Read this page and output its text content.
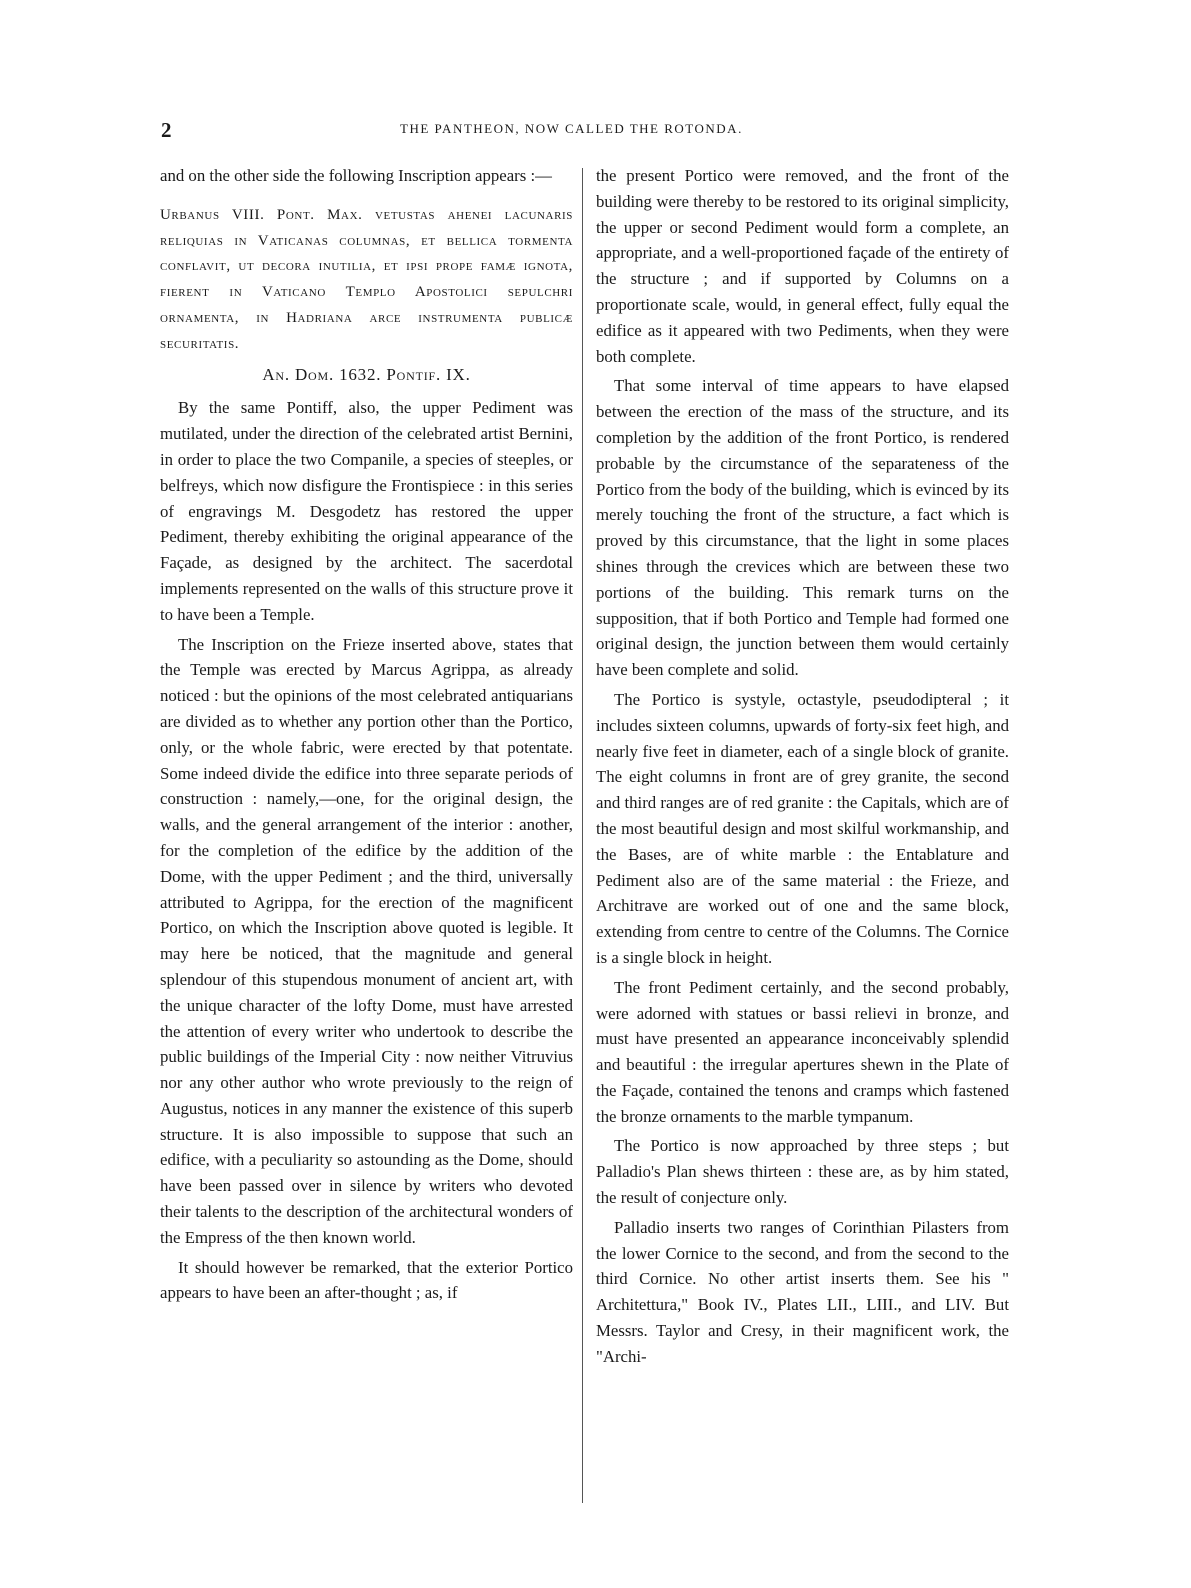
2	THE PANTHEON, NOW CALLED THE ROTONDA.

and on the other side the following Inscription appears :—

Urbanus VIII. Pont. Max. vetustas ahenei lacunaris reliquias in Vaticanas columnas, et bellica tormenta conflavit, ut decora inutilia, et ipsi prope famæ ignota, fierent in Vaticano Templo Apostolici sepulchri ornamenta, in Hadriana arce instrumenta publicæ securitatis.
An. Dom. 1632. Pontif. IX.

By the same Pontiff, also, the upper Pediment was mutilated, under the direction of the celebrated artist Bernini, in order to place the two Companile, a species of steeples, or belfreys, which now disfigure the Frontispiece : in this series of engravings M. Desgodetz has restored the upper Pediment, thereby exhibiting the original appearance of the Façade, as designed by the architect. The sacerdotal implements represented on the walls of this structure prove it to have been a Temple.

The Inscription on the Frieze inserted above, states that the Temple was erected by Marcus Agrippa, as already noticed : but the opinions of the most celebrated antiquarians are divided as to whether any portion other than the Portico, only, or the whole fabric, were erected by that potentate. Some indeed divide the edifice into three separate periods of construction : namely,—one, for the original design, the walls, and the general arrangement of the interior : another, for the completion of the edifice by the addition of the Dome, with the upper Pediment ; and the third, universally attributed to Agrippa, for the erection of the magnificent Portico, on which the Inscription above quoted is legible. It may here be noticed, that the magnitude and general splendour of this stupendous monument of ancient art, with the unique character of the lofty Dome, must have arrested the attention of every writer who undertook to describe the public buildings of the Imperial City : now neither Vitruvius nor any other author who wrote previously to the reign of Augustus, notices in any manner the existence of this superb structure. It is also impossible to suppose that such an edifice, with a peculiarity so astounding as the Dome, should have been passed over in silence by writers who devoted their talents to the description of the architectural wonders of the Empress of the then known world.

It should however be remarked, that the exterior Portico appears to have been an after-thought ; as, if

the present Portico were removed, and the front of the building were thereby to be restored to its original simplicity, the upper or second Pediment would form a complete, an appropriate, and a well-proportioned façade of the entirety of the structure ; and if supported by Columns on a proportionate scale, would, in general effect, fully equal the edifice as it appeared with two Pediments, when they were both complete.

That some interval of time appears to have elapsed between the erection of the mass of the structure, and its completion by the addition of the front Portico, is rendered probable by the circumstance of the separateness of the Portico from the body of the building, which is evinced by its merely touching the front of the structure, a fact which is proved by this circumstance, that the light in some places shines through the crevices which are between these two portions of the building. This remark turns on the supposition, that if both Portico and Temple had formed one original design, the junction between them would certainly have been complete and solid.

The Portico is systyle, octastyle, pseudodipteral ; it includes sixteen columns, upwards of forty-six feet high, and nearly five feet in diameter, each of a single block of granite. The eight columns in front are of grey granite, the second and third ranges are of red granite : the Capitals, which are of the most beautiful design and most skilful workmanship, and the Bases, are of white marble : the Entablature and Pediment also are of the same material : the Frieze, and Architrave are worked out of one and the same block, extending from centre to centre of the Columns. The Cornice is a single block in height.

The front Pediment certainly, and the second probably, were adorned with statues or bassi relievi in bronze, and must have presented an appearance inconceivably splendid and beautiful : the irregular apertures shewn in the Plate of the Façade, contained the tenons and cramps which fastened the bronze ornaments to the marble tympanum.

The Portico is now approached by three steps ; but Palladio's Plan shews thirteen : these are, as by him stated, the result of conjecture only.

Palladio inserts two ranges of Corinthian Pilasters from the lower Cornice to the second, and from the second to the third Cornice. No other artist inserts them. See his " Architettura," Book IV., Plates LII., LIII., and LIV. But Messrs. Taylor and Cresy, in their magnificent work, the "Archi-
